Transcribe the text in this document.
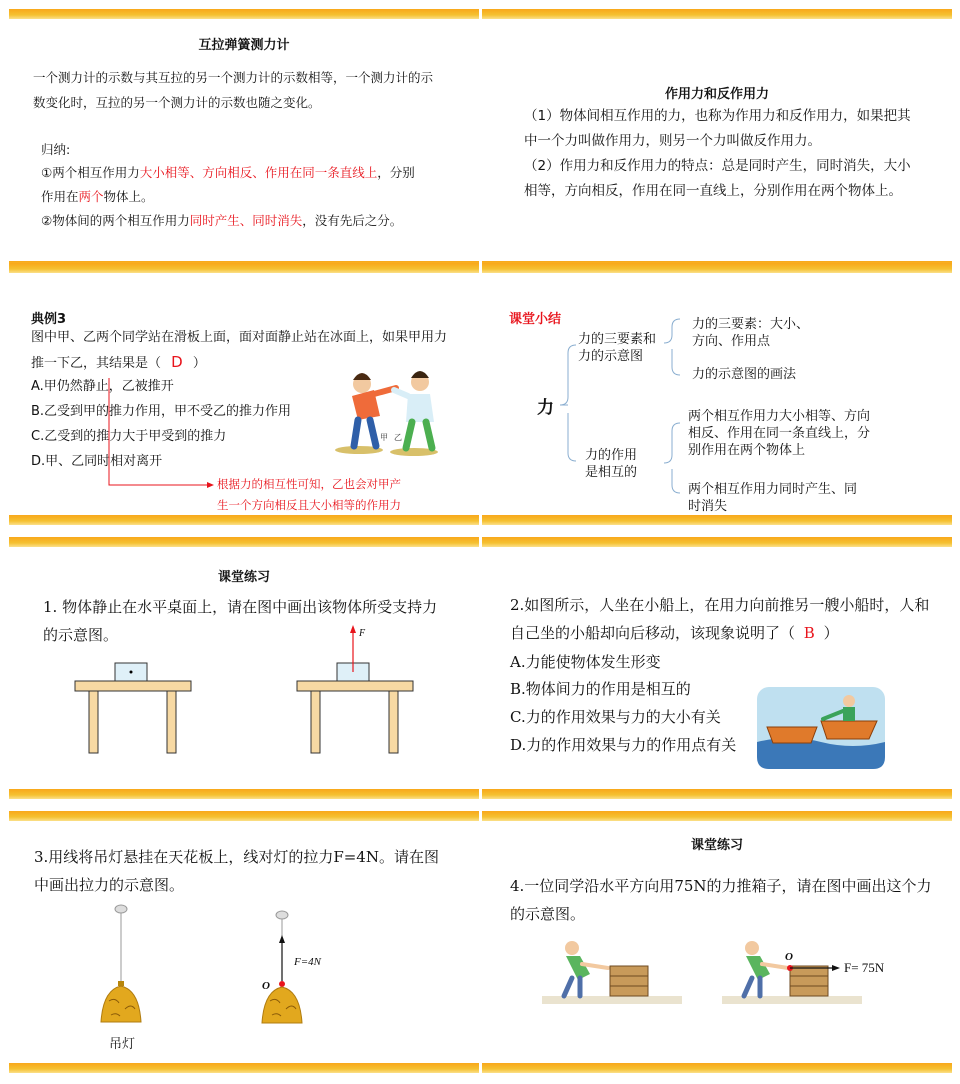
互拉弹簧测力计
一个测力计的示数与其互拉的另一个测力计的示数相等，一个测力计的示数变化时，互拉的另一个测力计的示数也随之变化。
归纳:
①两个相互作用力大小相等、方向相反、作用在同一条直线上，分别
作用在两个物体上。
②物体间的两个相互作用力同时产生、同时消失，没有先后之分。
作用力和反作用力
（1）物体间相互作用的力，也称为作用力和反作用力，如果把其中一个力叫做作用力，则另一个力叫做反作用力。
（2）作用力和反作用力的特点：总是同时产生，同时消失，大小相等，方向相反，作用在同一直线上，分别作用在两个物体上。
典例3
图中甲、乙两个同学站在滑板上面，面对面静止站在冰面上，如果甲用力推一下乙，其结果是（ D ）
A.甲仍然静止，乙被推开
B.乙受到甲的推力作用，甲不受乙的推力作用
C.乙受到的推力大于甲受到的推力
D.甲、乙同时相对离开
根据力的相互性可知，乙也会对甲产生一个方向相反且大小相等的作用力
甲 乙
课堂小结
力
力的三要素和力的示意图
力的三要素：大小、方向、作用点
力的示意图的画法
力的作用是相互的
两个相互作用力大小相等、方向相反、作用在同一条直线上，分别作用在两个物体上
两个相互作用力同时产生、同时消失
课堂练习
1. 物体静止在水平桌面上，请在图中画出该物体所受支持力的示意图。	F
2.如图所示，人坐在小船上，在用力向前推另一艘小船时，人和自己坐的小船却向后移动，该现象说明了（ B ）
A.力能使物体发生形变
B.物体间力的作用是相互的
C.力的作用效果与力的大小有关
D.力的作用效果与力的作用点有关
3.用线将吊灯悬挂在天花板上，线对灯的拉力F=4N。请在图中画出拉力的示意图。
O
F=4N
吊灯
课堂练习
4.一位同学沿水平方向用75N的力推箱子，请在图中画出这个力的示意图。
O
F= 75N
